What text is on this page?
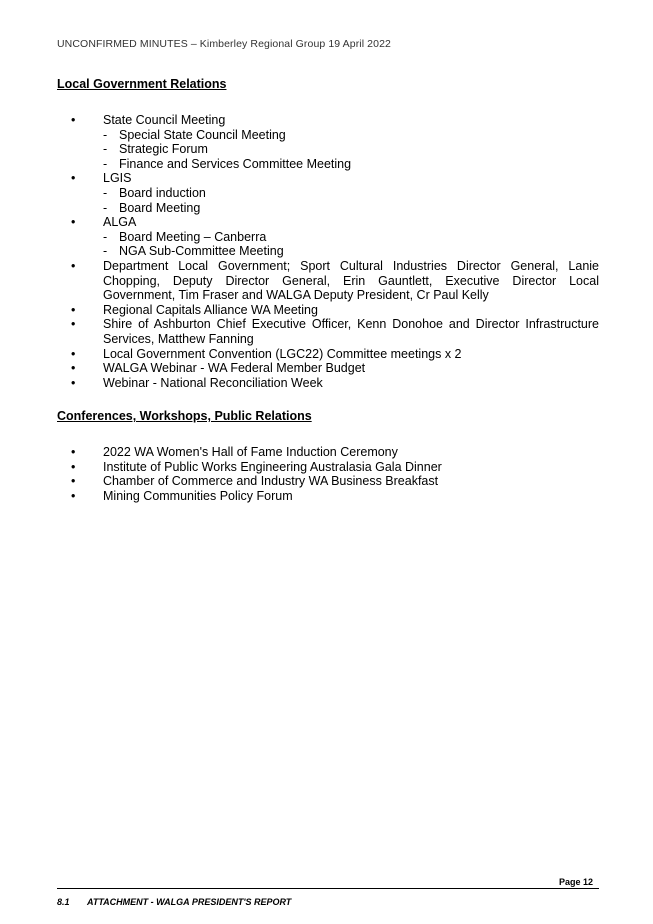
UNCONFIRMED MINUTES – Kimberley Regional Group 19 April 2022
Local Government Relations
• State Council Meeting
- Special State Council Meeting
- Strategic Forum
- Finance and Services Committee Meeting
• LGIS
- Board induction
- Board Meeting
• ALGA
- Board Meeting – Canberra
- NGA Sub-Committee Meeting
• Department Local Government; Sport Cultural Industries Director General, Lanie Chopping, Deputy Director General, Erin Gauntlett, Executive Director Local Government, Tim Fraser and WALGA Deputy President, Cr Paul Kelly
• Regional Capitals Alliance WA Meeting
• Shire of Ashburton Chief Executive Officer, Kenn Donohoe and Director Infrastructure Services, Matthew Fanning
• Local Government Convention (LGC22) Committee meetings x 2
• WALGA Webinar - WA Federal Member Budget
• Webinar - National Reconciliation Week
Conferences, Workshops, Public Relations
• 2022 WA Women's Hall of Fame Induction Ceremony
• Institute of Public Works Engineering Australasia Gala Dinner
• Chamber of Commerce and Industry WA Business Breakfast
• Mining Communities Policy Forum
Page 12
8.1 ATTACHMENT - WALGA PRESIDENT'S REPORT
